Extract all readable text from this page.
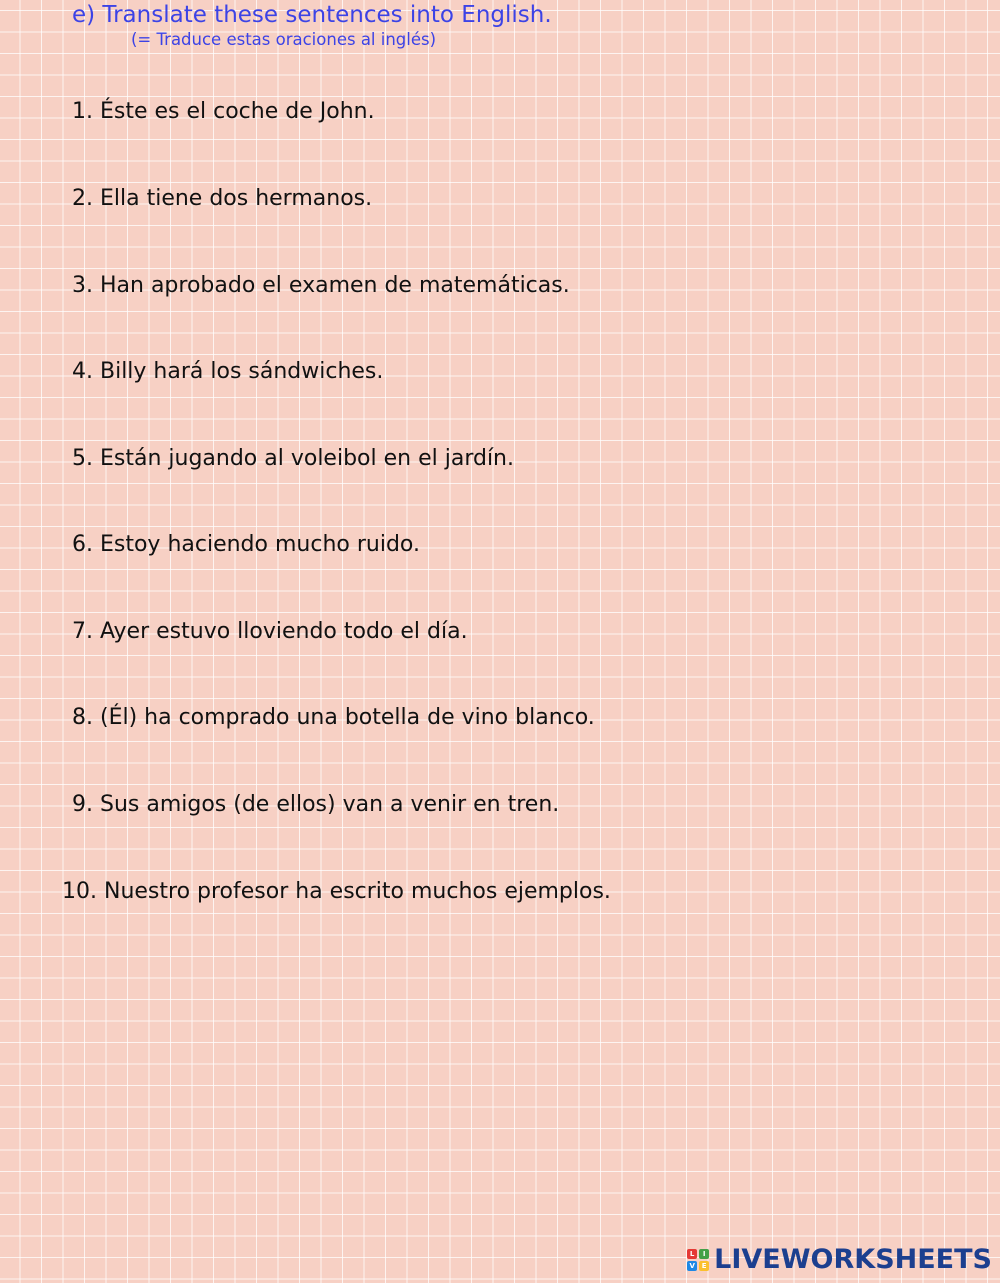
e) Translate these sentences into English.
(= Traduce estas oraciones al inglés)
1. Éste es el coche de John.
2. Ella tiene dos hermanos.
3. Han aprobado el examen de matemáticas.
4. Billy hará los sándwiches.
5. Están jugando al voleibol en el jardín.
6. Estoy haciendo mucho ruido.
7. Ayer estuvo lloviendo todo el día.
8. (Él) ha comprado una botella de vino blanco.
9. Sus amigos (de ellos) van a venir en tren.
10. Nuestro profesor ha escrito muchos ejemplos.
L	I
V E LIVEWORKSHEETS
